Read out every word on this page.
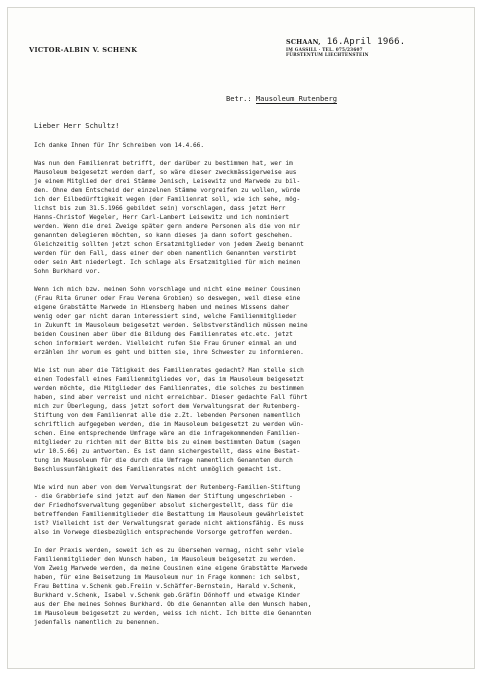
VICTOR-ALBIN V. SCHENK
SCHAAN, 16.April 1966.
IM GASSILL · TEL. 075/23607
FÜRSTENTUM LIECHTENSTEIN
Betr.: Mausoleum Rutenberg
Lieber Herr Schultz!
Ich danke Ihnen für Ihr Schreiben vom 14.4.66.
Was nun den Familienrat betrifft, der darüber zu bestimmen hat, wer im
Mausoleum beigesetzt werden darf, so wäre dieser zweckmässigerweise aus
je einem Mitglied der drei Stämme Jenisch, Leisewitz und Marwede zu bil-
den. Ohne dem Entscheid der einzelnen Stämme vorgreifen zu wollen, würde
ich der Eilbedürftigkeit wegen (der Familienrat soll, wie ich sehe, mög-
lichst bis zum 31.5.1966 gebildet sein) vorschlagen, dass jetzt Herr
Hanns-Christof Wegeler, Herr Carl-Lambert Leisewitz und ich nominiert
werden. Wenn die drei Zweige später gern andere Personen als die von mir
genannten delegieren möchten, so kann dieses ja dann sofort geschehen.
Gleichzeitig sollten jetzt schon Ersatzmitglieder von jedem Zweig benannt
werden für den Fall, dass einer der oben namentlich Genannten verstirbt
oder sein Amt niederlegt. Ich schlage als Ersatzmitglied für mich meinen
Sohn Burkhard vor.
Wenn ich mich bzw. meinen Sohn vorschlage und nicht eine meiner Cousinen
(Frau Rita Gruner oder Frau Verena Grobien) so deswegen, weil diese eine
eigene Grabstätte Marwede in Hiensberg haben und meines Wissens daher
wenig oder gar nicht daran interessiert sind, welche Familienmitglieder
in Zukunft im Mausoleum beigesetzt werden. Selbstverständlich müssen meine
beiden Cousinen aber über die Bildung des Familienrates etc.etc. jetzt
schon informiert werden. Vielleicht rufen Sie Frau Gruner einmal an und
erzählen ihr worum es geht und bitten sie, ihre Schwester zu informieren.
Wie ist nun aber die Tätigkeit des Familienrates gedacht? Man stelle sich
einen Todesfall eines Familienmitgliedes vor, das im Mausoleum beigesetzt
werden möchte, die Mitglieder des Familienrates, die solches zu bestimmen
haben, sind aber verreist und nicht erreichbar. Dieser gedachte Fall führt
mich zur Überlegung, dass jetzt sofort dem Verwaltungsrat der Rutenberg-
Stiftung von dem Familienrat alle die z.Zt. lebenden Personen namentlich
schriftlich aufgegeben werden, die im Mausoleum beigesetzt zu werden wün-
schen. Eine entsprechende Umfrage wäre an die infragekommenden Familien-
mitglieder zu richten mit der Bitte bis zu einem bestimmten Datum (sagen
wir 10.5.66) zu antworten. Es ist dann sichergestellt, dass eine Bestat-
tung im Mausoleum für die durch die Umfrage namentlich Genannten durch
Beschlussunfähigkeit des Familienrates nicht unmöglich gemacht ist.
Wie wird nun aber von dem Verwaltungsrat der Rutenberg-Familien-Stiftung
- die Grabbriefe sind jetzt auf den Namen der Stiftung umgeschrieben -
der Friedhofsverwaltung gegenüber absolut sichergestellt, dass für die
betreffenden Familienmitglieder die Bestattung im Mausoleum gewährleistet
ist? Vielleicht ist der Verwaltungsrat gerade nicht aktionsfähig. Es muss
also im Vorwege diesbezüglich entsprechende Vorsorge getroffen werden.
In der Praxis werden, soweit ich es zu übersehen vermag, nicht sehr viele
Familienmitglieder den Wunsch haben, im Mausoleum beigesetzt zu werden.
Vom Zweig Marwede werden, da meine Cousinen eine eigene Grabstätte Marwede
haben, für eine Beisetzung im Mausoleum nur in Frage kommen: ich selbst,
Frau Bettina v.Schenk geb.Freiin v.Schäffer-Bernstein, Harald v.Schenk,
Burkhard v.Schenk, Isabel v.Schenk geb.Gräfin Dönhoff und etwaige Kinder
aus der Ehe meines Sohnes Burkhard. Ob die Genannten alle den Wunsch haben,
im Mausoleum beigesetzt zu werden, weiss ich nicht. Ich bitte die Genannten
jedenfalls namentlich zu benennen.
